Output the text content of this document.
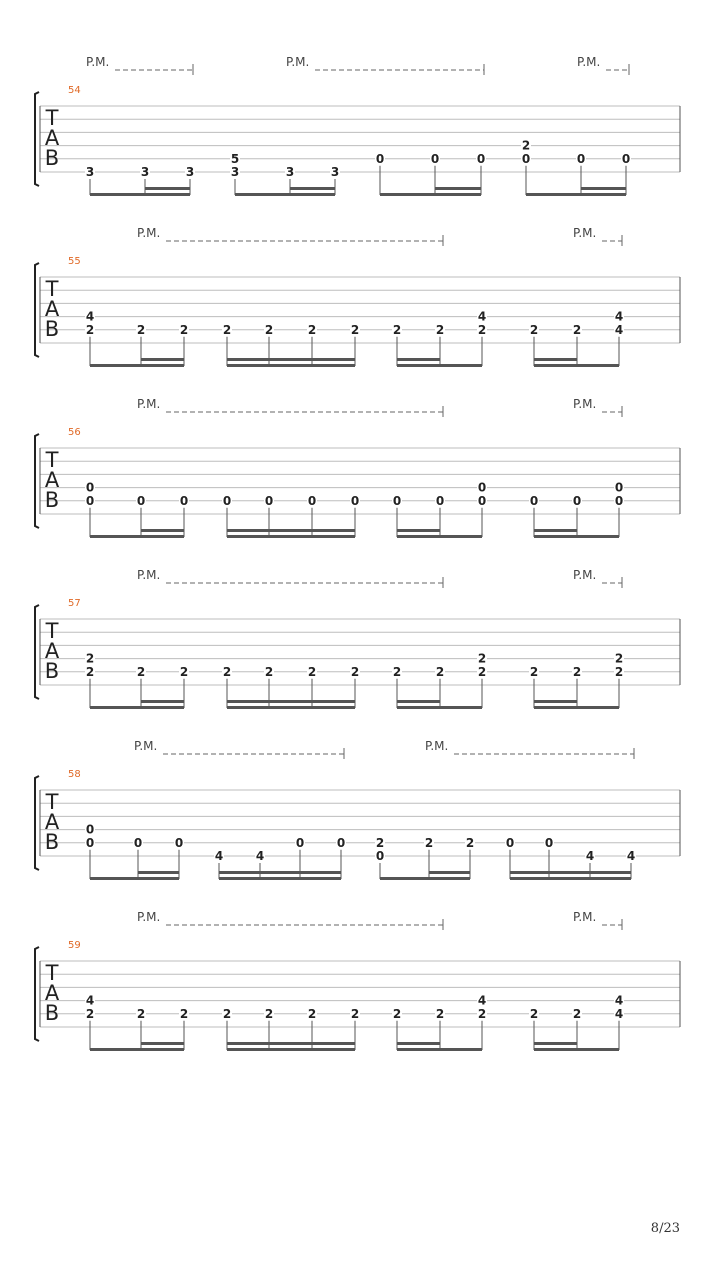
T
A
B
54
P.M.	P.M.	P.M.
3	3	3
5
3	3	3
0	0	0
2
0	0	0
T
A
B
55
P.M.	P.M.
4
2	2	2	2	2	2	2	2	2
4
2	2	2
4
4
T
A
B
56
P.M.	P.M.
0
0	0	0	0	0	0	0	0	0
0
0	0	0
0
0
T
A
B
57
P.M.	P.M.
2
2	2	2	2	2	2	2	2	2
2
2	2	2
2
2
T
A
B
58
P.M.	P.M.
0
0	0	0
4	4
0	0	2
0
2	2	0	0
4	4
T
A
B
59
P.M.	P.M.
4
2	2	2	2	2	2	2	2	2
4
2	2	2
4
4
8/23
